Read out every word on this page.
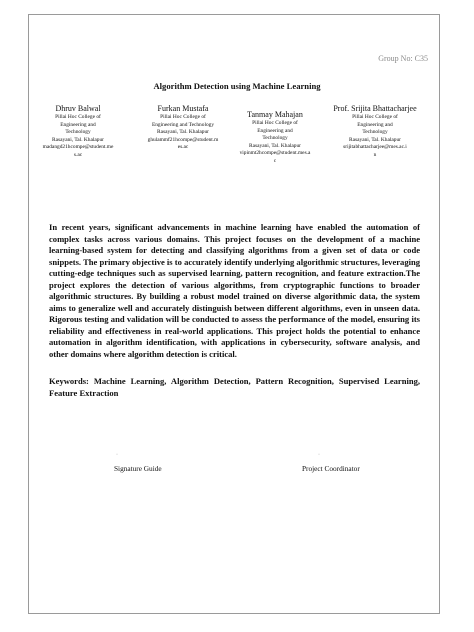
Group No: C35
Algorithm Detection using Machine Learning
Dhruv Balwal
Pillai Hoc College of
Engineering and
Technology
Rasayani, Tal. Khalapur
madangd21hcompe@student.me
s.ac
Furkan Mustafa
Pillai Hoc College of
Engineering and Technology
Rasayani, Tal. Khalapur
ghulammf21hcompe@student.m
es.ac
Tanmay Mahajan
Pillai Hoc College of
Engineering and
Technology
Rasayani, Tal. Khalapur
vipinmt2hcompe@student.mes.a
c
Prof. Srijita Bhattacharjee
Pillai Hoc College of
Engineering and
Technology
Rasayani, Tal. Khalapur
srijitabhattacharjee@mes.ac.i
n

In recent years, significant advancements in machine learning have enabled the automation of complex tasks across various domains. This project focuses on the development of a machine learning-based system for detecting and classifying algorithms from a given set of data or code snippets. The primary objective is to accurately identify underlying algorithmic structures, leveraging cutting-edge techniques such as supervised learning, pattern recognition, and feature extraction.The project explores the detection of various algorithms, from cryptographic functions to broader algorithmic structures. By building a robust model trained on diverse algorithmic data, the system aims to generalize well and accurately distinguish between different algorithms, even in unseen data. Rigorous testing and validation will be conducted to assess the performance of the model, ensuring its reliability and effectiveness in real-world applications. This project holds the potential to enhance automation in algorithm identification, with applications in cybersecurity, software analysis, and other domains where algorithm detection is critical.

Keywords: Machine Learning, Algorithm Detection, Pattern Recognition, Supervised Learning, Feature Extraction

·	·
Signature Guide	Project Coordinator
